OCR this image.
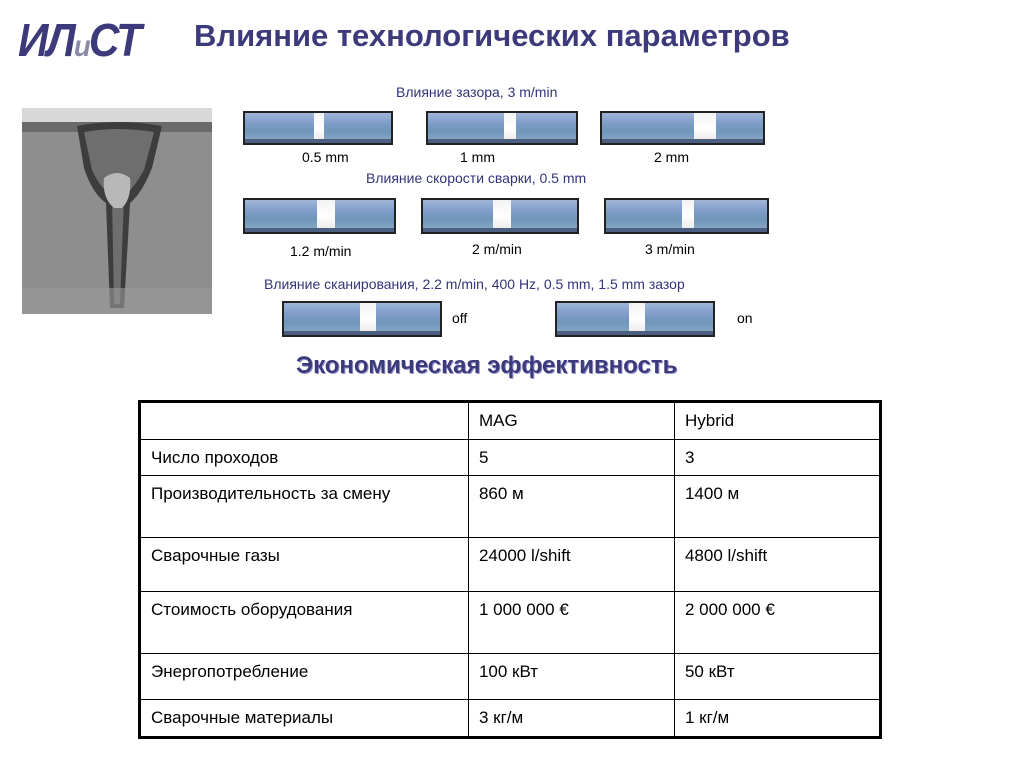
ИЛиСТ Влияние технологических параметров
Влияние зазора, 3 m/min
0.5 mm	1 mm	2 mm
Влияние скорости сварки, 0.5 mm
1.2 m/min	2 m/min	3 m/min
Влияние сканирования, 2.2 m/min, 400 Hz, 0.5 mm, 1.5 mm зазор
off	on
Экономическая эффективность
	MAG	Hybrid
Число проходов	5	3
Производительность за смену	860 м	1400 м
Сварочные газы	24000 l/shift	4800 l/shift
Стоимость оборудования	1 000 000 €	2 000 000 €
Энергопотребление	100 кВт	50 кВт
Сварочные материалы	3 кг/м	1 кг/м
